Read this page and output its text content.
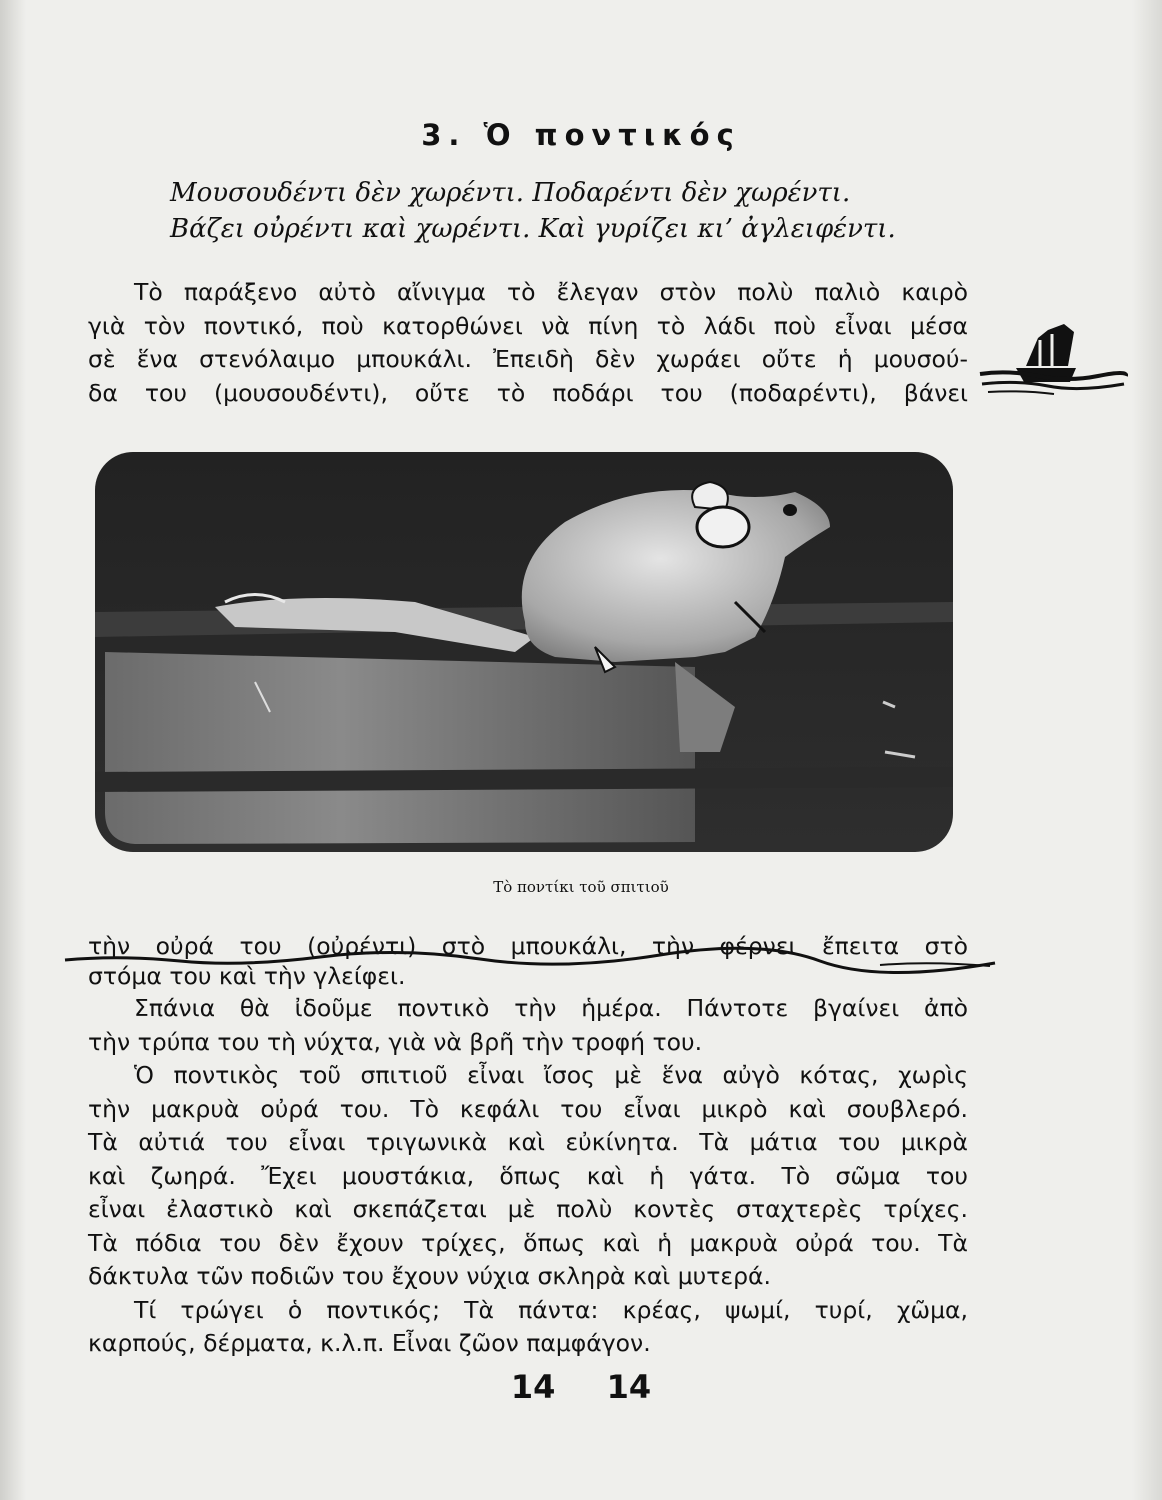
3. Ὁ ποντικός
Μουσουδέντι δὲν χωρέντι. Ποδαρέντι δὲν χωρέντι.
Βάζει οὐρέντι καὶ χωρέντι. Καὶ γυρίζει κι’ ἀγλειφέντι.

Τὸ παράξενο αὐτὸ αἴνιγμα τὸ ἔλεγαν στὸν πολὺ παλιὸ καιρὸ

γιὰ τὸν ποντικό, ποὺ κατορθώνει νὰ πίνη τὸ λάδι ποὺ εἶναι μέσα

σὲ ἕνα στενόλαιμο μπουκάλι. Ἐπειδὴ δὲν χωράει οὔτε ἡ μουσού-

δα του (μουσουδέντι), οὔτε τὸ ποδάρι του (ποδαρέντι), βάνει

Τὸ ποντίκι τοῦ σπιτιοῦ
τὴν οὐρά του (οὐρέντι) στὸ μπουκάλι, τὴν φέρνει ἔπειτα στὸ
στόμα του καὶ τὴν γλείφει.

Σπάνια θὰ ἰδοῦμε ποντικὸ τὴν ἡμέρα. Πάντοτε βγαίνει ἀπὸ

τὴν τρύπα του τὴ νύχτα, γιὰ νὰ βρῆ τὴν τροφή του.

Ὁ ποντικὸς τοῦ σπιτιοῦ εἶναι ἴσος μὲ ἕνα αὐγὸ κότας, χωρὶς

τὴν μακρυὰ οὐρά του. Τὸ κεφάλι του εἶναι μικρὸ καὶ σουβλερό.

Τὰ αὐτιά του εἶναι τριγωνικὰ καὶ εὐκίνητα. Τὰ μάτια του μικρὰ

καὶ ζωηρά. Ἔχει μουστάκια, ὅπως καὶ ἡ γάτα. Τὸ σῶμα του

εἶναι ἐλαστικὸ καὶ σκεπάζεται μὲ πολὺ κοντὲς σταχτερὲς τρίχες.

Τὰ πόδια του δὲν ἔχουν τρίχες, ὅπως καὶ ἡ μακρυὰ οὐρά του. Τὰ

δάκτυλα τῶν ποδιῶν του ἔχουν νύχια σκληρὰ καὶ μυτερά.

Τί τρώγει ὁ ποντικός; Τὰ πάντα: κρέας, ψωμί, τυρί, χῶμα,

καρπούς, δέρματα, κ.λ.π. Εἶναι ζῶον παμφάγον.

14 14
